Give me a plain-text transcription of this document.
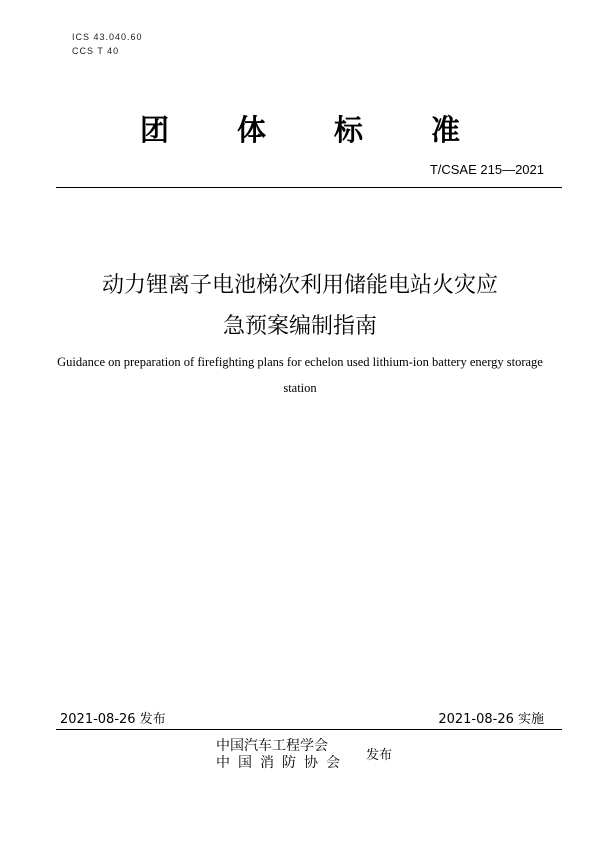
ICS 43.040.60
CCS T 40
团 体 标 准
T/CSAE 215—2021
动力锂离子电池梯次利用储能电站火灾应
急预案编制指南
Guidance on preparation of firefighting plans for echelon used lithium-ion battery energy storage station
2021-08-26 发布	2021-08-26 实施
中国汽车工程学会
中国消防协会 发布
